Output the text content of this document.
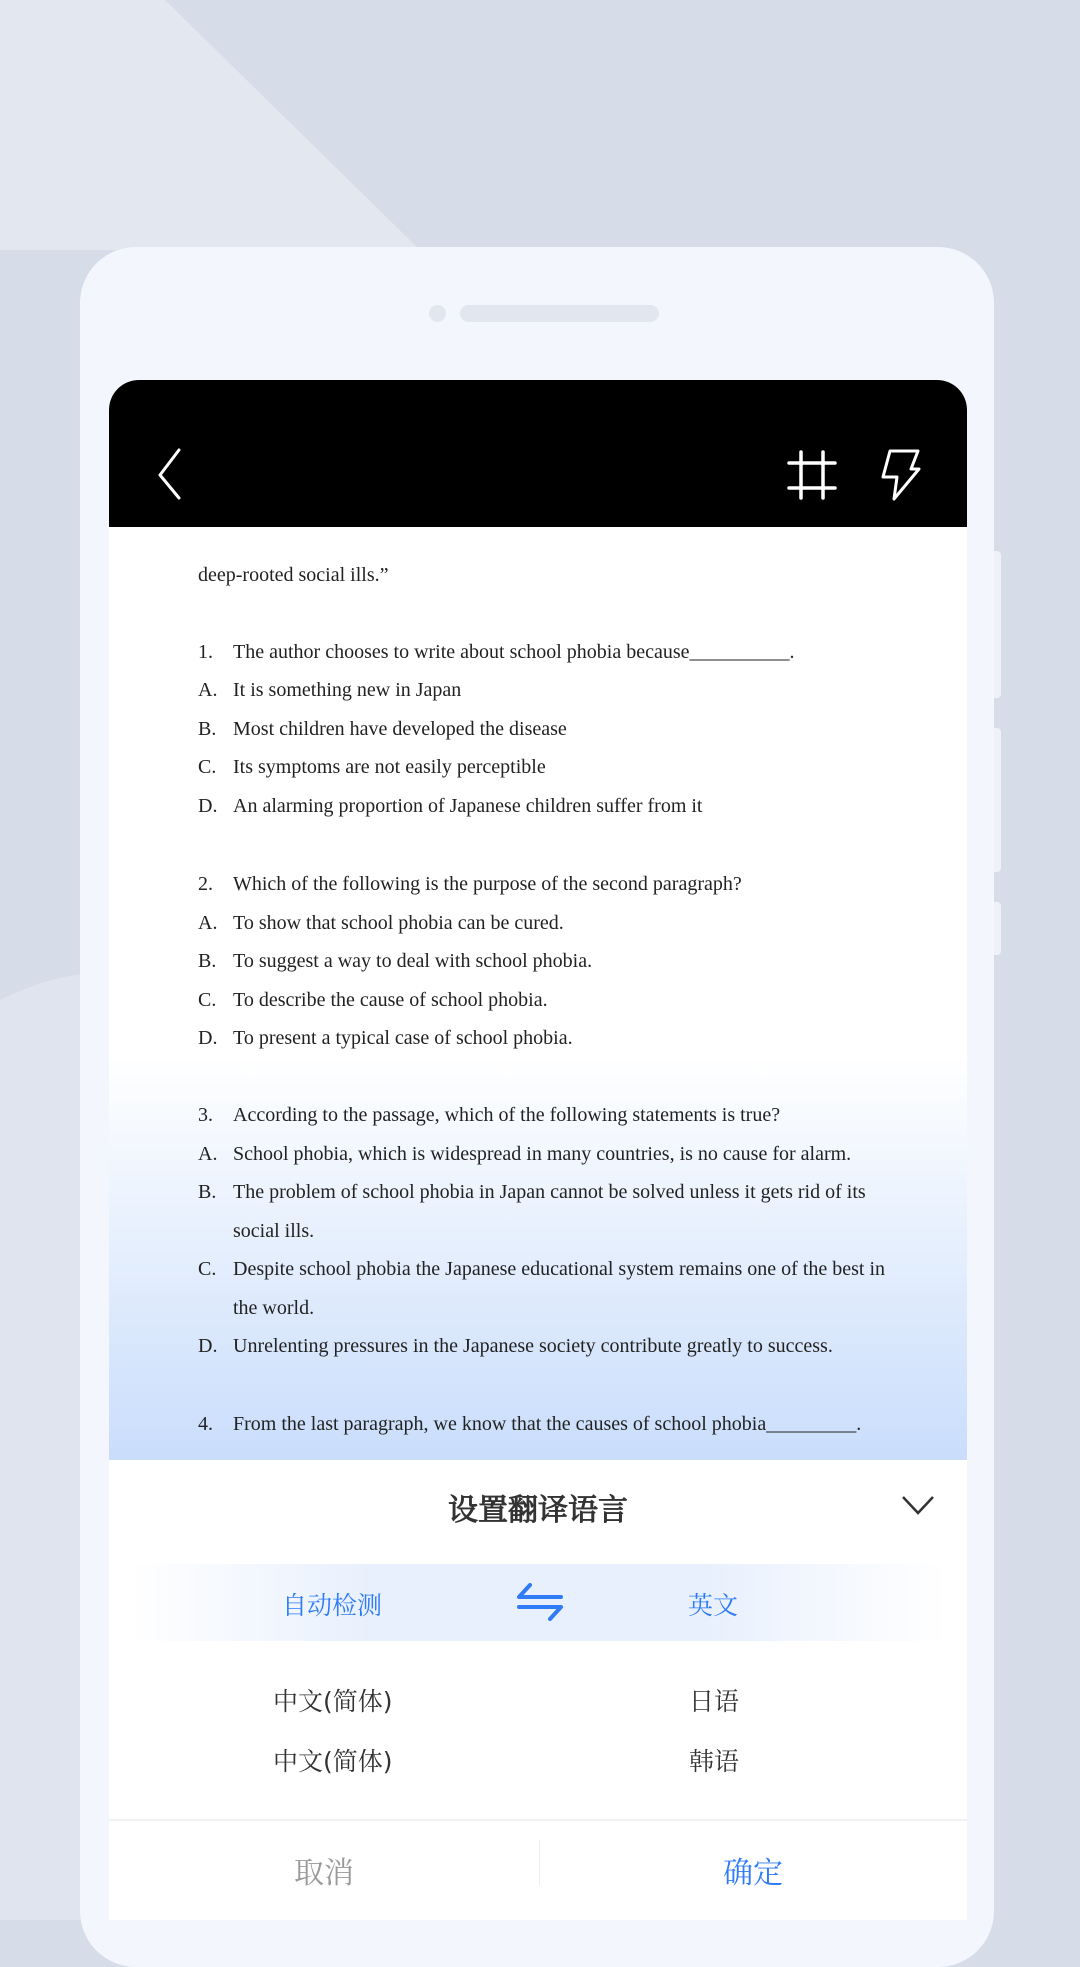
deep-rooted social ills.”
1. The author chooses to write about school phobia because__________.
A. It is something new in Japan
B. Most children have developed the disease
C. Its symptoms are not easily perceptible
D. An alarming proportion of Japanese children suffer from it
2. Which of the following is the purpose of the second paragraph?
A. To show that school phobia can be cured.
B. To suggest a way to deal with school phobia.
C. To describe the cause of school phobia.
D. To present a typical case of school phobia.
3. According to the passage, which of the following statements is true?
A. School phobia, which is widespread in many countries, is no cause for alarm.
B. The problem of school phobia in Japan cannot be solved unless it gets rid of its
social ills.
C. Despite school phobia the Japanese educational system remains one of the best in
the world.
D. Unrelenting pressures in the Japanese society contribute greatly to success.
4. From the last paragraph, we know that the causes of school phobia_________.
设置翻译语言
自动检测	英文
中文(简体)	日语
中文(简体)	韩语
取消	确定
